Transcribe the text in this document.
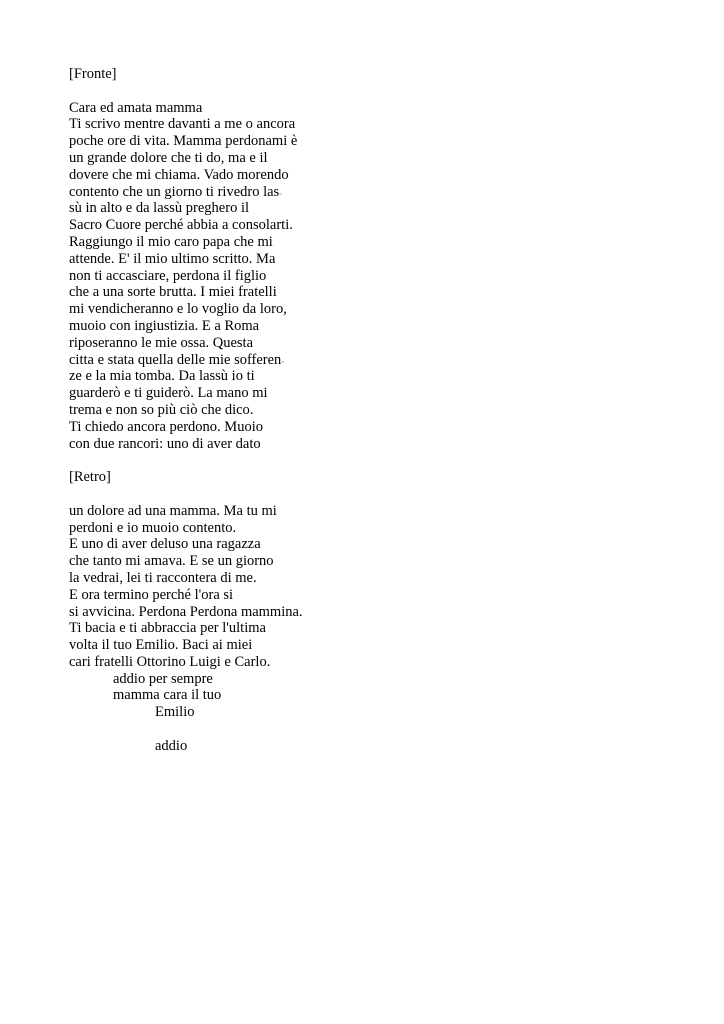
[Fronte]
Cara ed amata mamma
Ti scrivo mentre davanti a me o ancora
poche ore di vita. Mamma perdonami è
un grande dolore che ti do, ma e il
dovere che mi chiama. Vado morendo
contento che un giorno ti rivedro las=
sù in alto e da lassù preghero il
Sacro Cuore perché abbia a consolarti.
Raggiungo il mio caro papa che mi
attende. E' il mio ultimo scritto. Ma
non ti accasciare, perdona il figlio
che a una sorte brutta. I miei fratelli
mi vendicheranno e lo voglio da loro,
muoio con ingiustizia. E a Roma
riposeranno le mie ossa. Questa
citta e stata quella delle mie sofferen=
ze e la mia tomba. Da lassù io ti
guarderò e ti guiderò. La mano mi
trema e non so più ciò che dico.
Ti chiedo ancora perdono. Muoio
con due rancori: uno di aver dato
[Retro]
un dolore ad una mamma. Ma tu mi
perdoni e io muoio contento.
E uno di aver deluso una ragazza
che tanto mi amava. E se un giorno
la vedrai, lei ti raccontera di me.
E ora termino perché l'ora si
si avvicina. Perdona Perdona mammina.
Ti bacia e ti abbraccia per l'ultima
volta il tuo Emilio. Baci ai miei
cari fratelli Ottorino Luigi e Carlo.
addio per sempre
mamma cara il tuo
Emilio
addio
